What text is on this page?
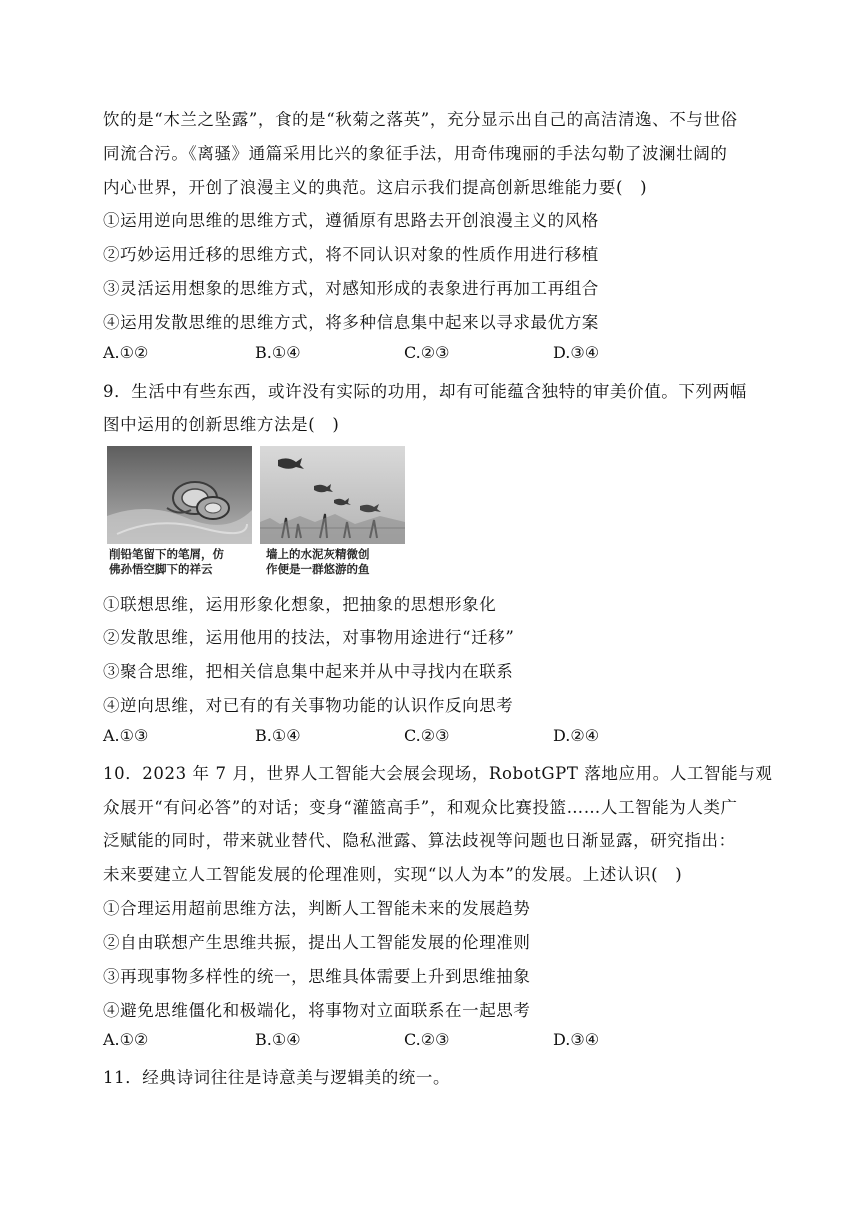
饮的是“木兰之坠露”，食的是“秋菊之落英”，充分显示出自己的高洁清逸、不与世俗
同流合污。《离骚》通篇采用比兴的象征手法，用奇伟瑰丽的手法勾勒了波澜壮阔的
内心世界，开创了浪漫主义的典范。这启示我们提高创新思维能力要(　)
①运用逆向思维的思维方式，遵循原有思路去开创浪漫主义的风格
②巧妙运用迁移的思维方式，将不同认识对象的性质作用进行移植
③灵活运用想象的思维方式，对感知形成的表象进行再加工再组合
④运用发散思维的思维方式，将多种信息集中起来以寻求最优方案
A.①②	B.①④	C.②③	D.③④
9．生活中有些东西，或许没有实际的功用，却有可能蕴含独特的审美价值。下列两幅
图中运用的创新思维方法是(　)
削铅笔留下的笔屑，仿
佛孙悟空脚下的祥云
墙上的水泥灰精微创
作便是一群悠游的鱼
①联想思维，运用形象化想象，把抽象的思想形象化
②发散思维，运用他用的技法，对事物用途进行“迁移”
③聚合思维，把相关信息集中起来并从中寻找内在联系
④逆向思维，对已有的有关事物功能的认识作反向思考
A.①③	B.①④	C.②③	D.②④
10．2023 年 7 月，世界人工智能大会展会现场，RobotGPT 落地应用。人工智能与观
众展开“有问必答”的对话；变身“灌篮高手”，和观众比赛投篮……人工智能为人类广
泛赋能的同时，带来就业替代、隐私泄露、算法歧视等问题也日渐显露，研究指出：
未来要建立人工智能发展的伦理准则，实现“以人为本”的发展。上述认识(　)
①合理运用超前思维方法，判断人工智能未来的发展趋势
②自由联想产生思维共振，提出人工智能发展的伦理准则
③再现事物多样性的统一，思维具体需要上升到思维抽象
④避免思维僵化和极端化，将事物对立面联系在一起思考
A.①②	B.①④	C.②③	D.③④
11．经典诗词往往是诗意美与逻辑美的统一。
